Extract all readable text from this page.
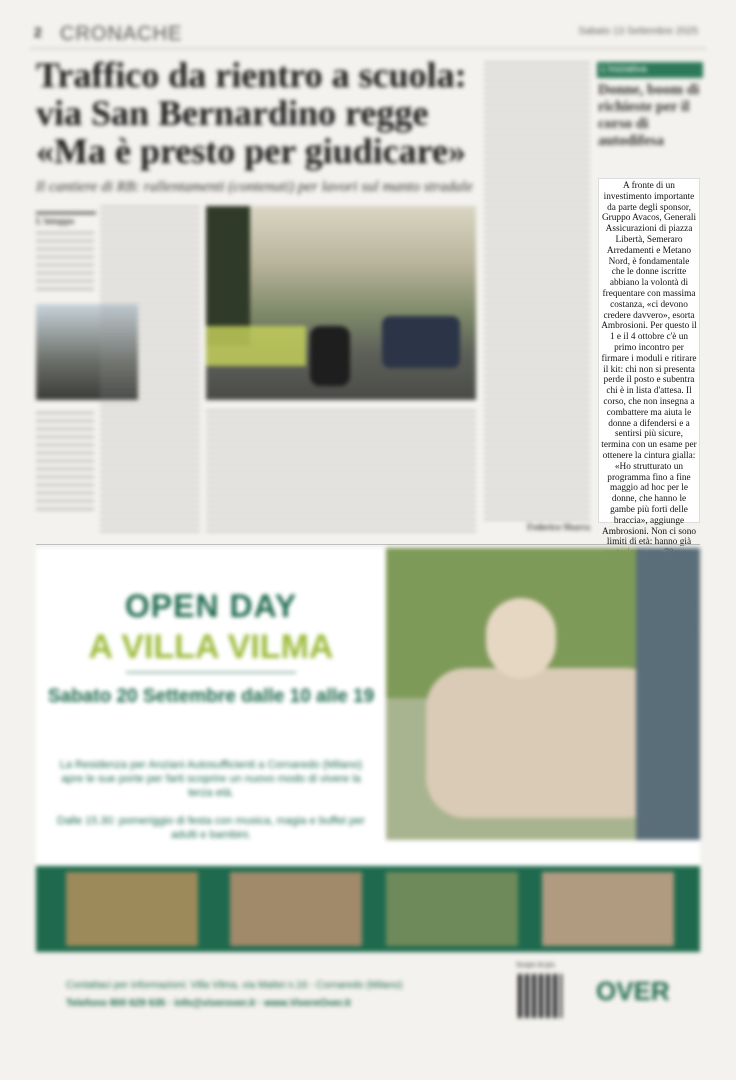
2 CRONACHE	Sabato 13 Settembre 2025
Traffico da rientro a scuola: via San Bernardino regge «Ma è presto per giudicare»
Il cantiere di RB: rallentamenti (contenuti) per lavori sul manto stradale
L'intoppo
Federico Sbarra
L'iniziativa
Donne, boom di richieste per il corso di autodifesa

A fronte di un investimento importante da parte degli sponsor, Gruppo Avacos, Generali Assicurazioni di piazza Libertà, Semeraro Arredamenti e Metano Nord, è fondamentale che le donne iscritte abbiano la volontà di frequentare con massima costanza, «ci devono credere davvero», esorta Ambrosioni. Per questo il 1 e il 4 ottobre c'è un primo incontro per firmare i moduli e ritirare il kit: chi non si presenta perde il posto e subentra chi è in lista d'attesa. Il corso, che non insegna a combattere ma aiuta le donne a difendersi e a sentirsi più sicure, termina con un esame per ottenere la cintura gialla: «Ho strutturato un programma fino a fine maggio ad hoc per le donne, che hanno le gambe più forti delle braccia», aggiunge Ambrosioni. Non ci sono limiti di età: hanno già

OPEN DAY
A VILLA VILMA
Sabato 20 Settembre dalle 10 alle 19
La Residenza per Anziani Autosufficienti a Cornaredo (Milano) apre le sue porte per farti scoprire un nuovo modo di vivere la terza età.
Dalle 15.30: pomeriggio di festa con musica, magia e buffet per adulti e bambini.
Contattaci per informazioni: Villa Vilma, via Mattei n.16 - Cornaredo (Milano)
Telefono 800 629 635 · info@viverover.it · www.VivereOver.it
Scopri di più
OVER
